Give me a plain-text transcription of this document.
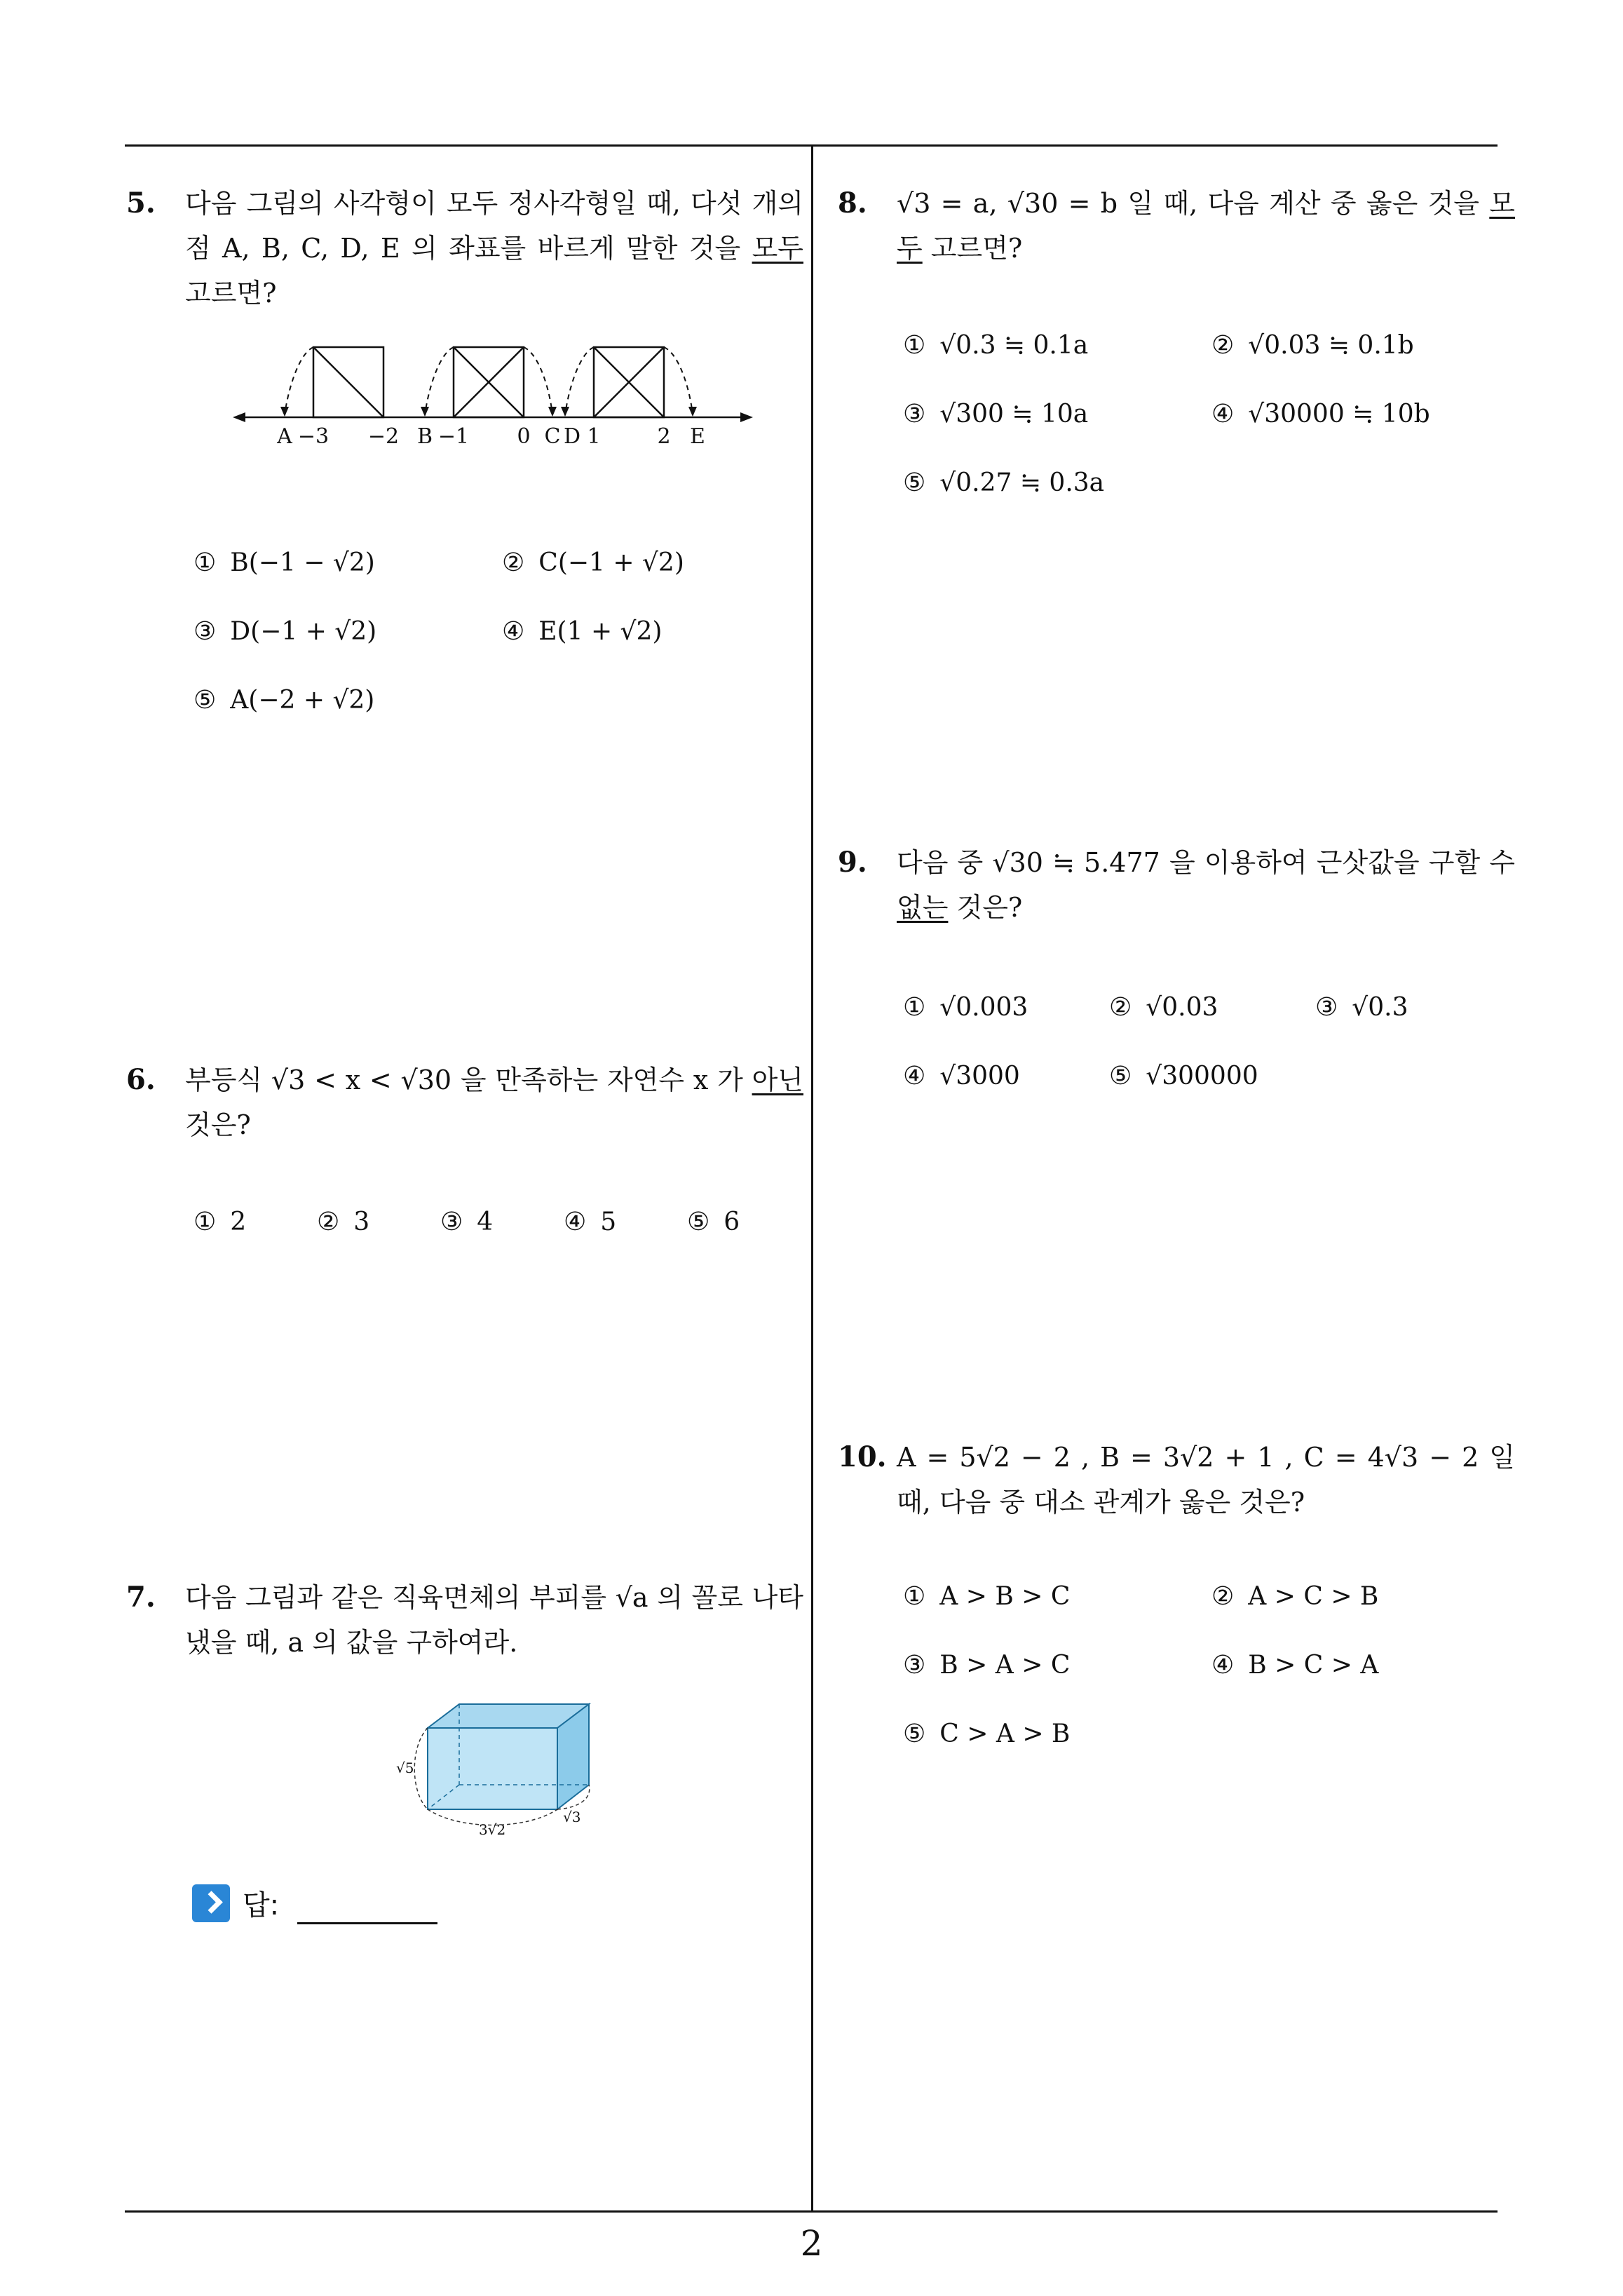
5. 다음 그림의 사각형이 모두 정사각형일 때, 다섯 개의 점 A, B, C, D, E 의 좌표를 바르게 말한 것을 모두 고르면?
A −3 −2 B −1 0 C D 1	2 E
① B(−1 − √2)	② C(−1 + √2)
③ D(−1 + √2)	④ E(1 + √2)
⑤ A(−2 + √2)
6. 부등식 √3 < x < √30 을 만족하는 자연수 x 가 아닌 것은?
① 2	② 3	③ 4	④ 5	⑤ 6
7. 다음 그림과 같은 직육면체의 부피를 √a 의 꼴로 나타냈을 때, a 의 값을 구하여라.
√5
3√2
√3
답:
8. √3 = a, √30 = b 일 때, 다음 계산 중 옳은 것을 모두 고르면?
① √0.3 ≒ 0.1a	② √0.03 ≒ 0.1b
③ √300 ≒ 10a	④ √30000 ≒ 10b
⑤ √0.27 ≒ 0.3a
9. 다음 중 √30 ≒ 5.477 을 이용하여 근삿값을 구할 수 없는 것은?
① √0.003	② √0.03	③ √0.3
④ √3000	⑤ √300000
10. A = 5√2 − 2 , B = 3√2 + 1 , C = 4√3 − 2 일 때, 다음 중 대소 관계가 옳은 것은?
① A > B > C	② A > C > B
③ B > A > C	④ B > C > A
⑤ C > A > B
2
